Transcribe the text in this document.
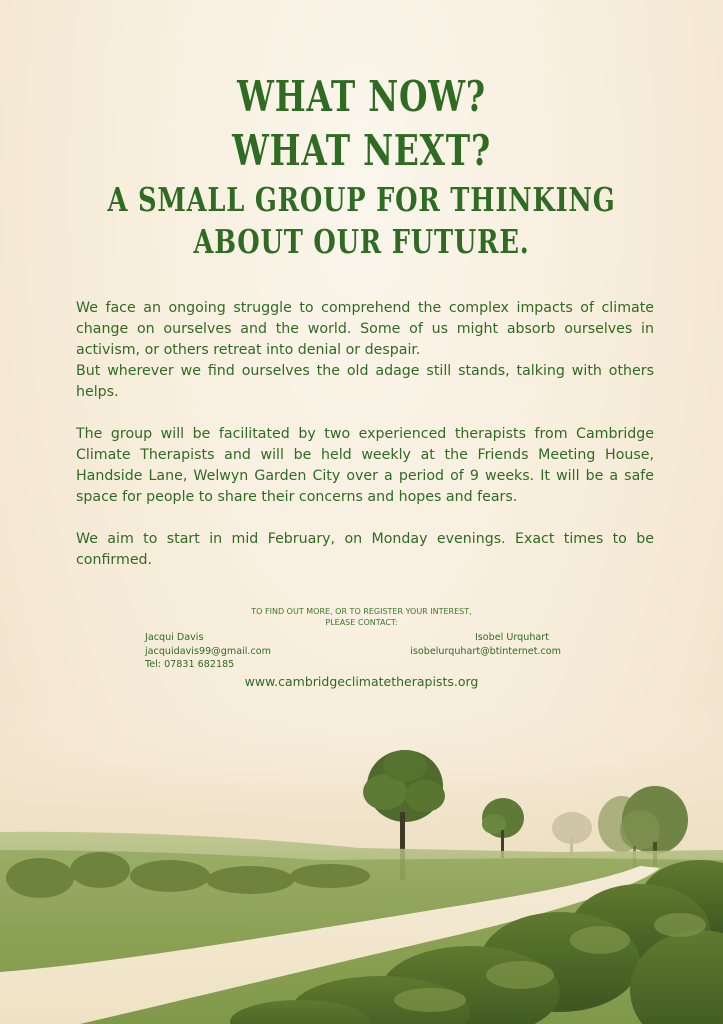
WHAT NOW?
WHAT NEXT?
A SMALL GROUP FOR THINKING
ABOUT OUR FUTURE.
We face an ongoing struggle to comprehend the complex impacts of climate change on ourselves and the world. Some of us might absorb ourselves in activism, or others retreat into denial or despair.
But wherever we find ourselves the old adage still stands, talking with others helps.
The group will be facilitated by two experienced therapists from Cambridge Climate Therapists and will be held weekly at the Friends Meeting House, Handside Lane, Welwyn Garden City over a period of 9 weeks. It will be a safe space for people to share their concerns and hopes and fears.
We aim to start in mid February, on Monday evenings. Exact times to be confirmed.
TO FIND OUT MORE, OR TO REGISTER YOUR INTEREST,
PLEASE CONTACT:
Jacqui Davis
jacquidavis99@gmail.com
Tel: 07831 682185
Isobel Urquhart
isobelurquhart@btinternet.com
www.cambridgeclimatetherapists.org
